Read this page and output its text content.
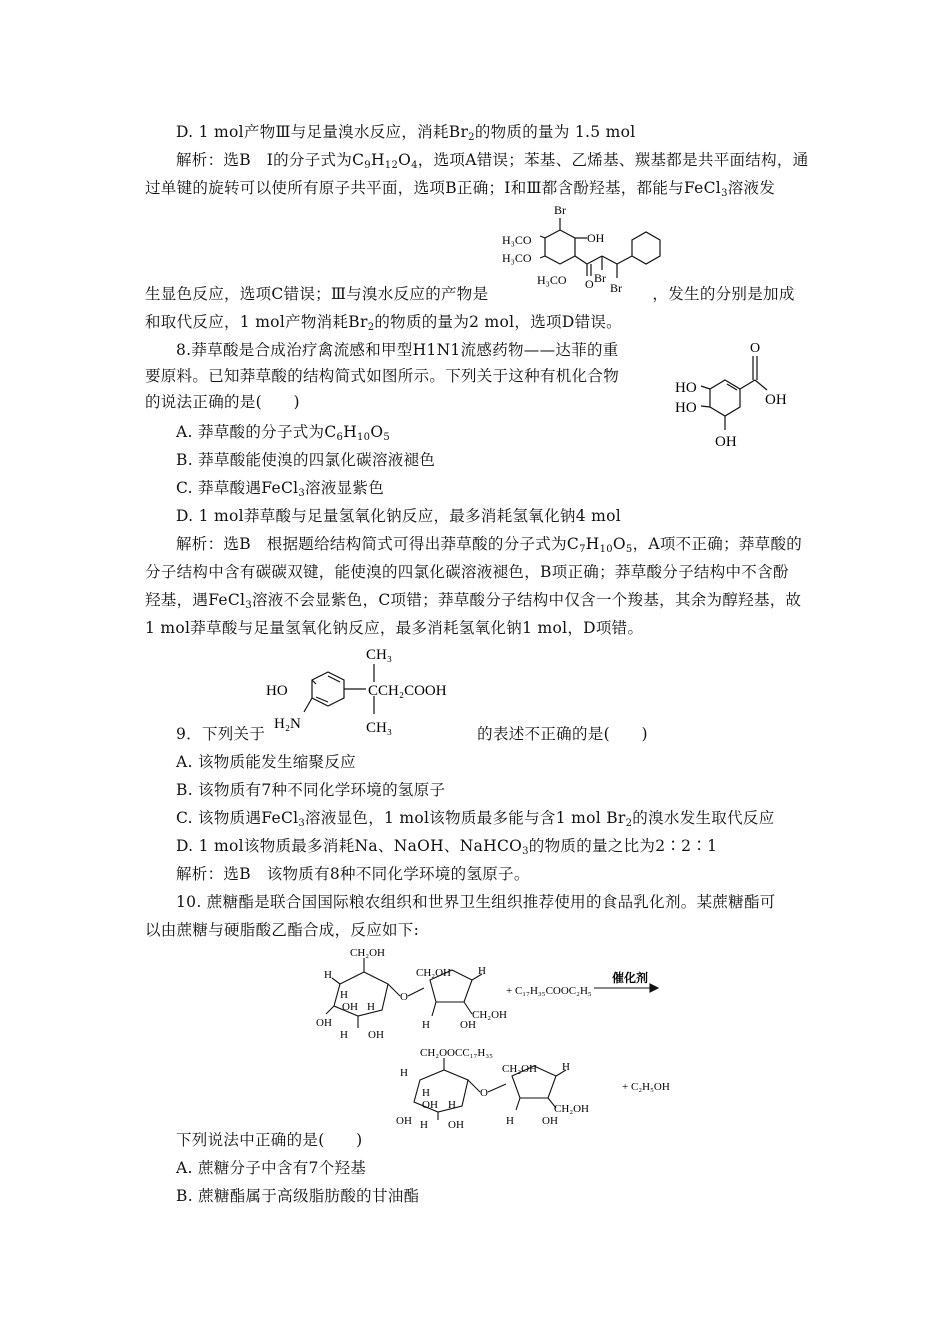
D. 1 mol产物Ⅲ与足量溴水反应，消耗$Br_2$的物质的量为 1.5 mol
解析：选B　Ⅰ的分子式为$C_9H_{12}O_4$，选项A错误；苯基、乙烯基、羰基都是共平面结构，通
过单键的旋转可以使所有原子共平面，选项B正确；Ⅰ和Ⅲ都含酚羟基，都能与FeCl$_3$溶液发
Br
H₃CO
H₃CO
H₃CO
OH
O Br
Br
生显色反应，选项C错误；Ⅲ与溴水反应的产物是	，发生的分别是加成
和取代反应，1 mol产物消耗$Br_2$的物质的量为2 mol，选项D错误。
8.莽草酸是合成治疗禽流感和甲型H1N1流感药物——达菲的重
要原料。已知莽草酸的结构简式如图所示。下列关于这种有机化合物
的说法正确的是(　　)
O
OH
HO
HO
OH
A. 莽草酸的分子式为$C_6H_{10}O_5$
B. 莽草酸能使溴的四氯化碳溶液褪色
C. 莽草酸遇FeCl$_3$溶液显紫色
D. 1 mol莽草酸与足量氢氧化钠反应，最多消耗氢氧化钠4 mol
解析：选B　根据题给结构简式可得出莽草酸的分子式为$C_7H_{10}O_5$，A项不正确；莽草酸的
分子结构中含有碳碳双键，能使溴的四氯化碳溶液褪色，B项正确；莽草酸分子结构中不含酚
羟基，遇FeCl$_3$溶液不会显紫色，C项错；莽草酸分子结构中仅含一个羧基，其余为醇羟基，故
1 mol莽草酸与足量氢氧化钠反应，最多消耗氢氧化钠1 mol，D项错。
CH₃
HO	CCH₂COOH
H₂N	CH₃
9．下列关于	的表述不正确的是(　　)
A. 该物质能发生缩聚反应
B. 该物质有7种不同化学环境的氢原子
C. 该物质遇FeCl$_3$溶液显色，1 mol该物质最多能与含1 mol $Br_2$的溴水发生取代反应
D. 1 mol该物质最多消耗Na、NaOH、NaHCO$_3$的物质的量之比为2∶2∶1
解析：选B　该物质有8种不同化学环境的氢原子。
10. 蔗糖酯是联合国国际粮农组织和世界卫生组织推荐使用的食品乳化剂。某蔗糖酯可
以由蔗糖与硬脂酸乙酯合成，反应如下:
CH₂OH
H
H
OH H
OH
H OH
O
CH₂OH H
H	OH
CH₂OH
+ C₁₇H₃₅COOC₂H₅
催化剂
CH₂OOCC₁₇H₃₅
H
H
OH H
OH H OH
O
CH₂OH H
H	OH
CH₂OH
+ C₂H₅OH
下列说法中正确的是(　　)
A. 蔗糖分子中含有7个羟基
B. 蔗糖酯属于高级脂肪酸的甘油酯
